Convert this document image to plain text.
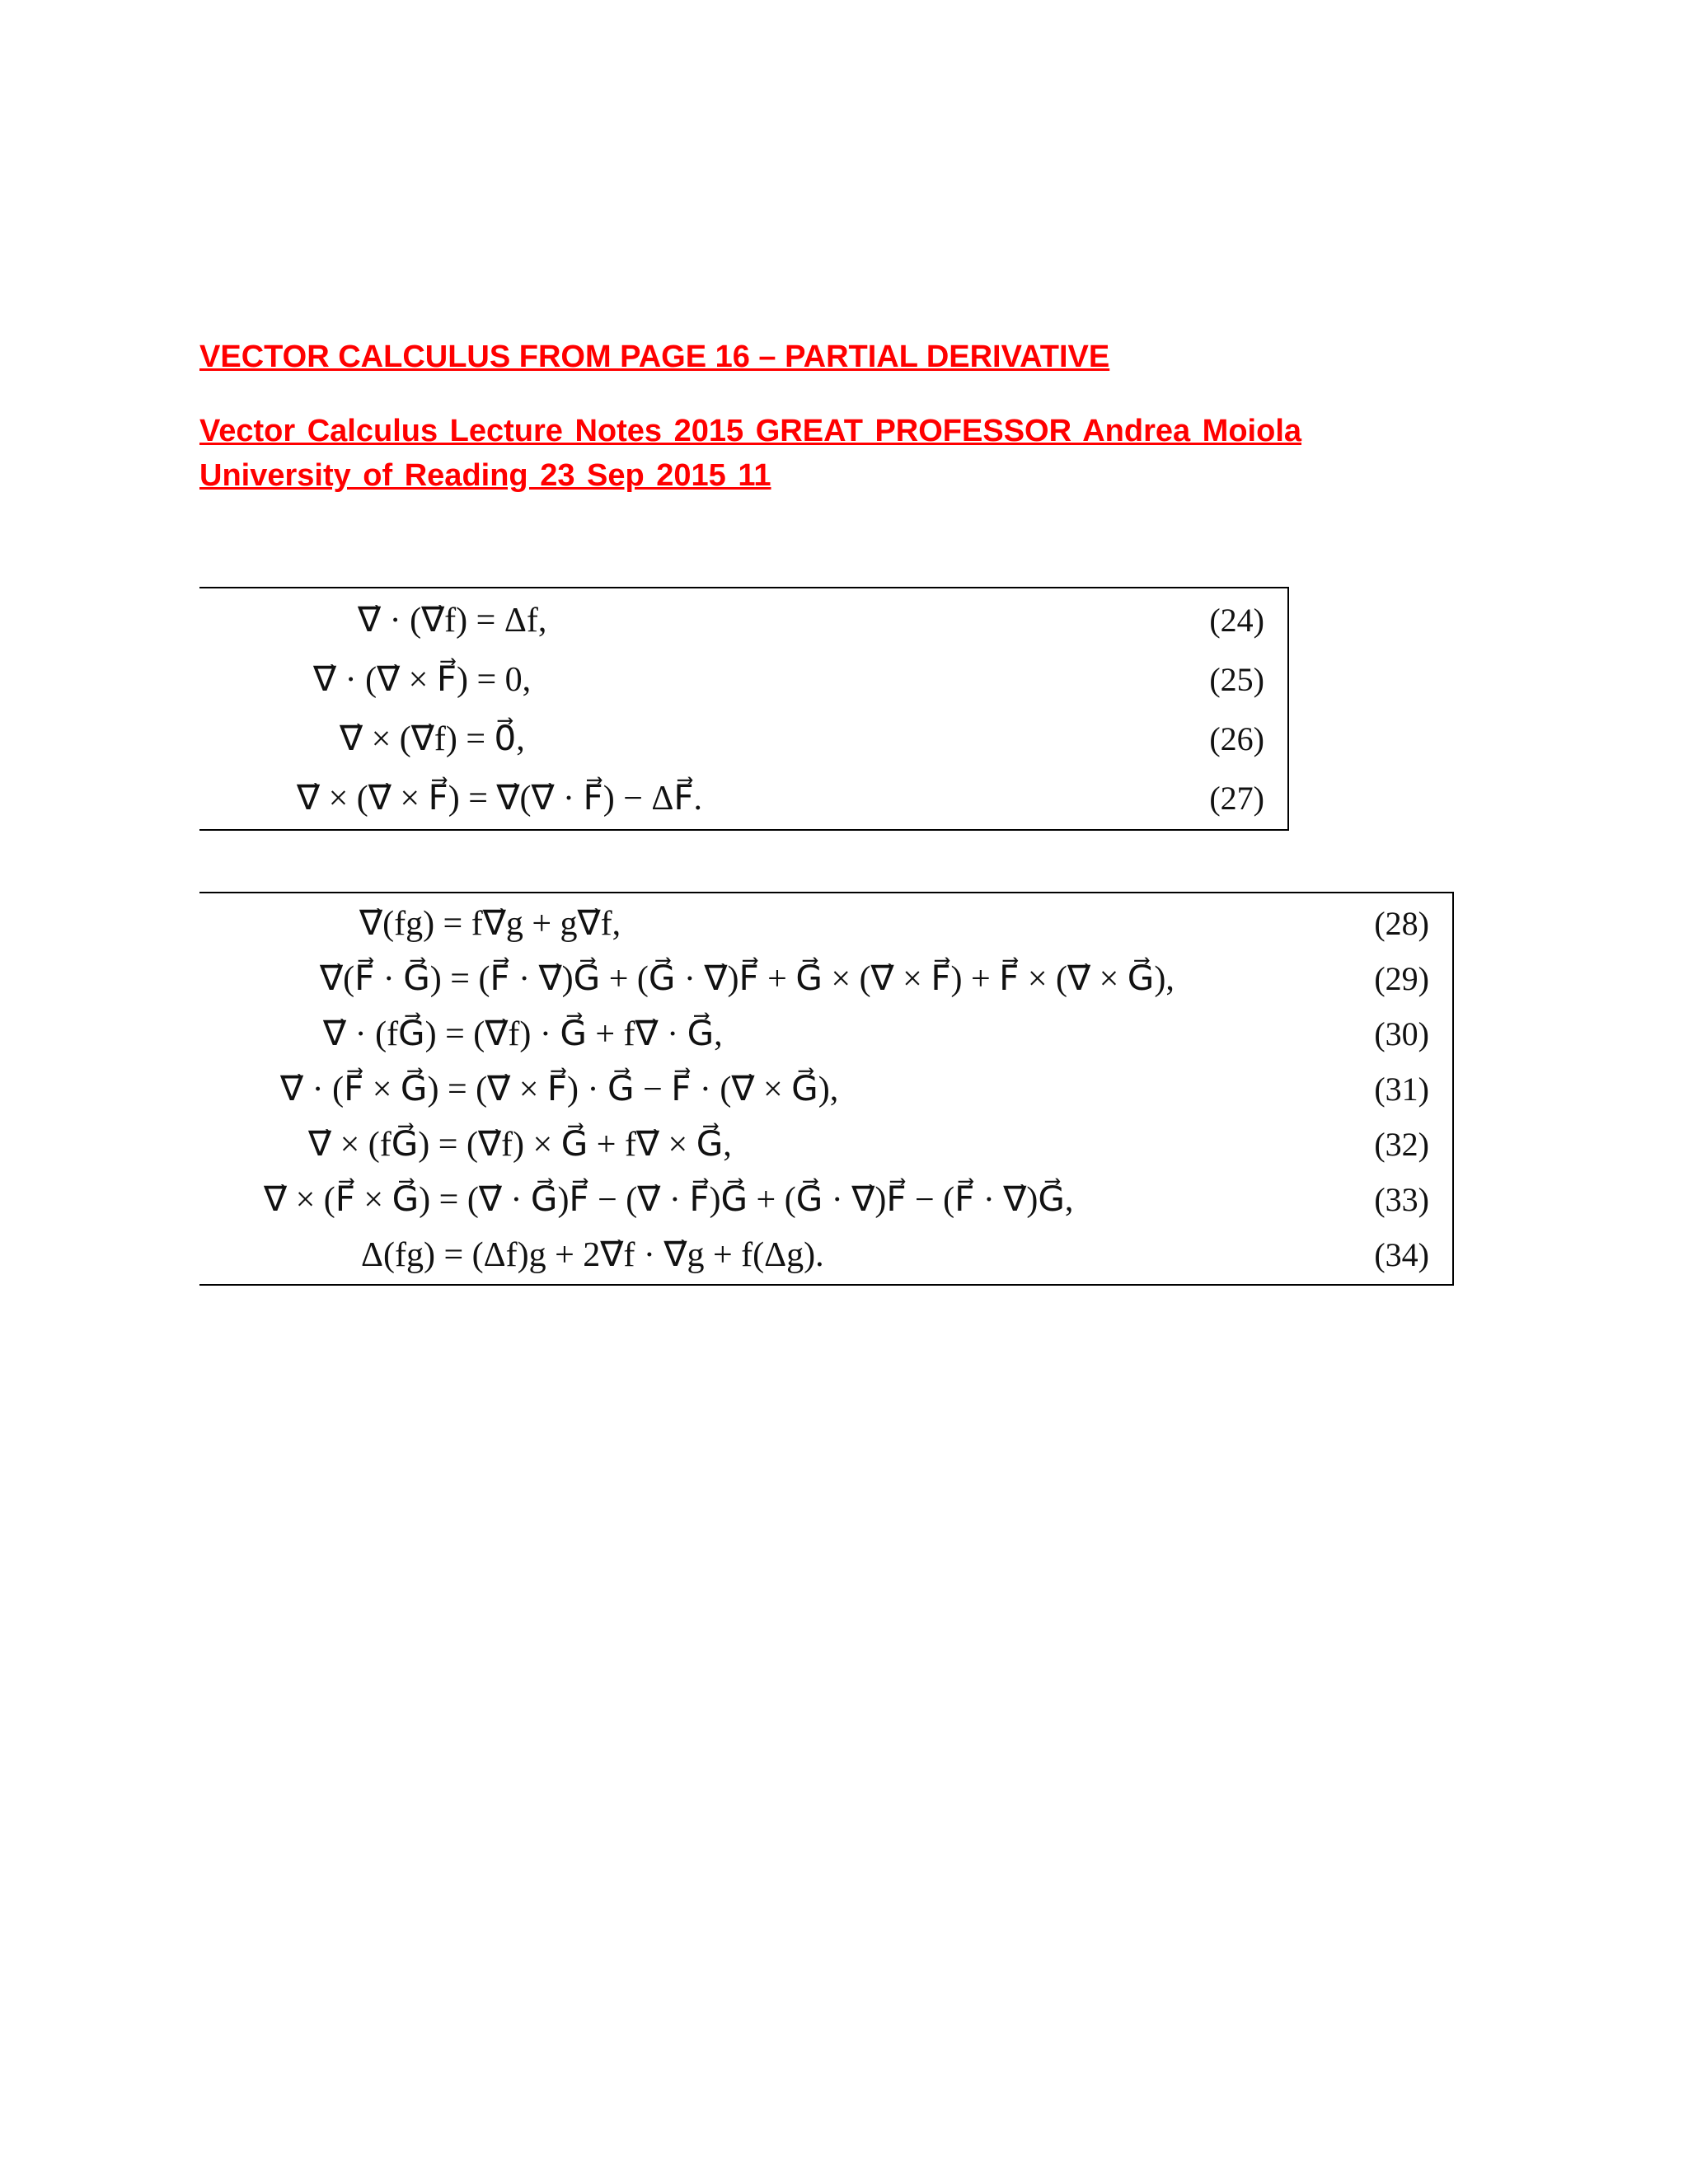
VECTOR CALCULUS FROM PAGE 16 – PARTIAL DERIVATIVE
Vector Calculus Lecture Notes 2015 GREAT PROFESSOR Andrea Moiola University of Reading 23 Sep 2015 11
∇⃗ · (∇⃗f) = Δf,	(24)
∇⃗ · (∇⃗ × F⃗) = 0,	(25)
∇⃗ × (∇⃗f) = 0⃗,	(26)
∇⃗ × (∇⃗ × F⃗) = ∇⃗(∇⃗ · F⃗) − ΔF⃗.	(27)
∇⃗(fg) = f∇⃗g + g∇⃗f,	(28)
∇⃗(F⃗ · G⃗) = (F⃗ · ∇⃗)G⃗ + (G⃗ · ∇⃗)F⃗ + G⃗ × (∇⃗ × F⃗) + F⃗ × (∇⃗ × G⃗),	(29)
∇⃗ · (fG⃗) = (∇⃗f) · G⃗ + f∇⃗ · G⃗,	(30)
∇⃗ · (F⃗ × G⃗) = (∇⃗ × F⃗) · G⃗ − F⃗ · (∇⃗ × G⃗),	(31)
∇⃗ × (fG⃗) = (∇⃗f) × G⃗ + f∇⃗ × G⃗,	(32)
∇⃗ × (F⃗ × G⃗) = (∇⃗ · G⃗)F⃗ − (∇⃗ · F⃗)G⃗ + (G⃗ · ∇⃗)F⃗ − (F⃗ · ∇⃗)G⃗,	(33)
Δ(fg) = (Δf)g + 2∇⃗f · ∇⃗g + f(Δg).	(34)
